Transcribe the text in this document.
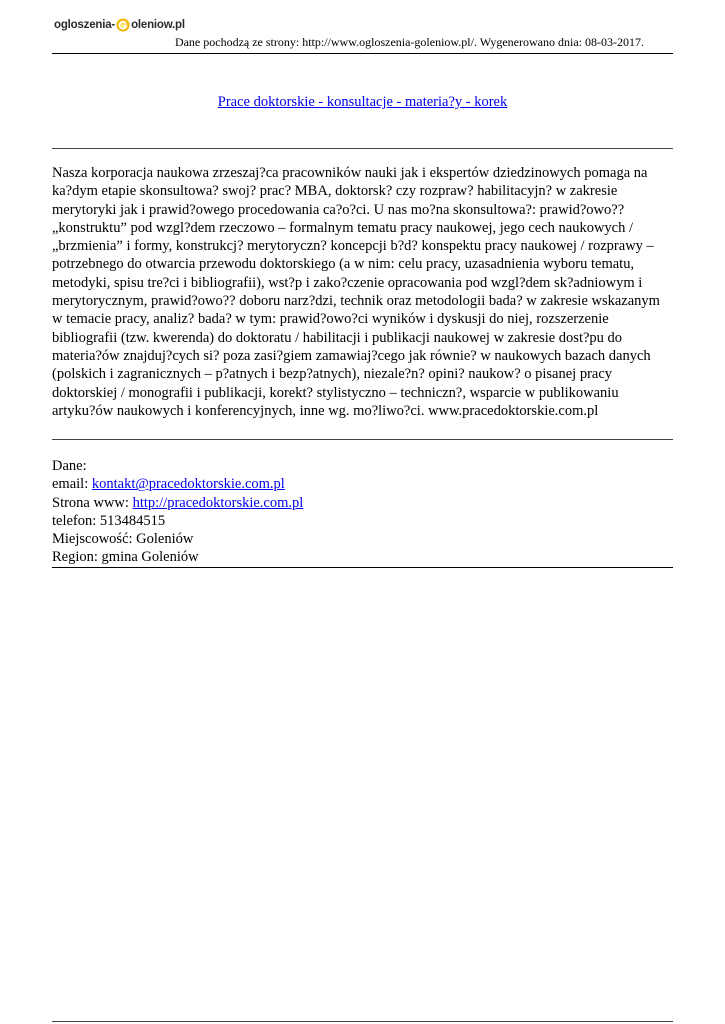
ogloszenia- oleniow.pl
Dane pochodzą ze strony: http://www.ogloszenia-goleniow.pl/. Wygenerowano dnia: 08-03-2017.
Prace doktorskie - konsultacje - materia?y - korek
Nasza korporacja naukowa zrzeszaj?ca pracowników nauki jak i ekspertów dziedzinowych pomaga na
ka?dym etapie skonsultowa? swoj? prac? MBA, doktorsk? czy rozpraw? habilitacyjn? w zakresie
merytoryki jak i prawid?owego procedowania ca?o?ci. U nas mo?na skonsultowa?: prawid?owo??
„konstruktu” pod wzgl?dem rzeczowo – formalnym tematu pracy naukowej, jego cech naukowych /
„brzmienia” i formy, konstrukcj? merytoryczn? koncepcji b?d? konspektu pracy naukowej / rozprawy –
potrzebnego do otwarcia przewodu doktorskiego (a w nim: celu pracy, uzasadnienia wyboru tematu,
metodyki, spisu tre?ci i bibliografii), wst?p i zako?czenie opracowania pod wzgl?dem sk?adniowym i
merytorycznym, prawid?owo?? doboru narz?dzi, technik oraz metodologii bada? w zakresie wskazanym
w temacie pracy, analiz? bada? w tym: prawid?owo?ci wyników i dyskusji do niej, rozszerzenie
bibliografii (tzw. kwerenda) do doktoratu / habilitacji i publikacji naukowej w zakresie dost?pu do
materia?ów znajduj?cych si? poza zasi?giem zamawiaj?cego jak równie? w naukowych bazach danych
(polskich i zagranicznych – p?atnych i bezp?atnych), niezale?n? opini? naukow? o pisanej pracy
doktorskiej / monografii i publikacji, korekt? stylistyczno – techniczn?, wsparcie w publikowaniu
artyku?ów naukowych i konferencyjnych, inne wg. mo?liwo?ci. www.pracedoktorskie.com.pl
Dane:
email: kontakt@pracedoktorskie.com.pl
Strona www: http://pracedoktorskie.com.pl
telefon: 513484515
Miejscowość: Goleniów
Region: gmina Goleniów
